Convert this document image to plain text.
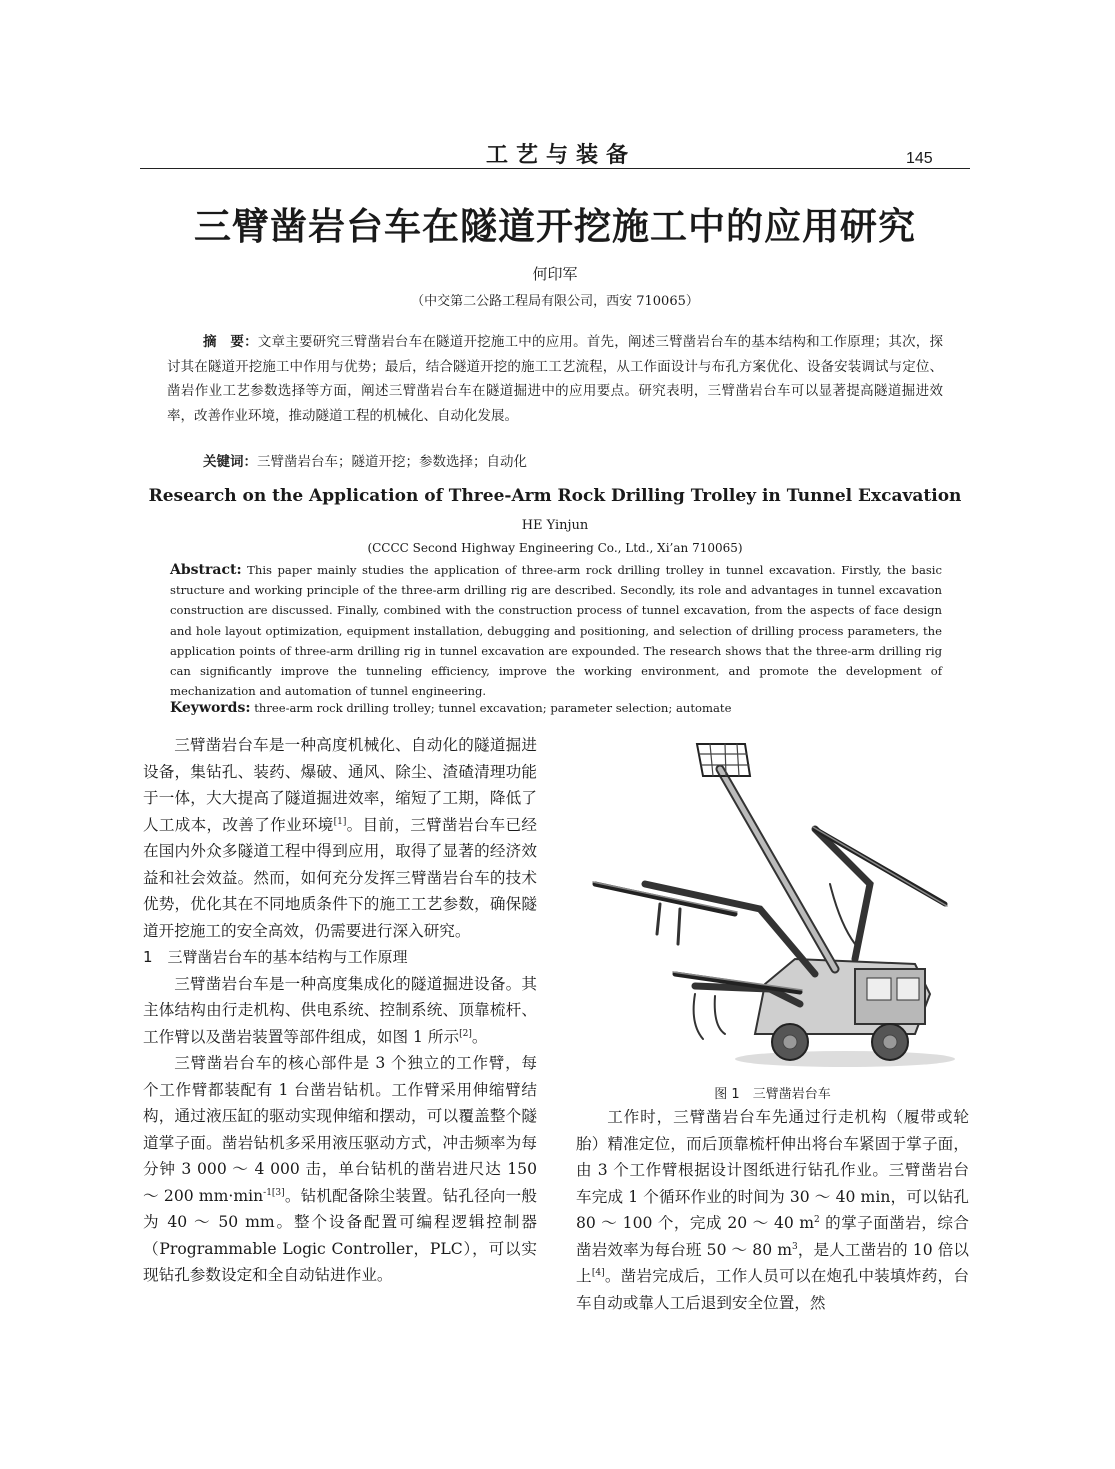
工艺与装备	145
三臂凿岩台车在隧道开挖施工中的应用研究
何印军
（中交第二公路工程局有限公司，西安 710065）
摘　要：文章主要研究三臂凿岩台车在隧道开挖施工中的应用。首先，阐述三臂凿岩台车的基本结构和工作原理；其次，探讨其在隧道开挖施工中作用与优势；最后，结合隧道开挖的施工工艺流程，从工作面设计与布孔方案优化、设备安装调试与定位、凿岩作业工艺参数选择等方面，阐述三臂凿岩台车在隧道掘进中的应用要点。研究表明，三臂凿岩台车可以显著提高隧道掘进效率，改善作业环境，推动隧道工程的机械化、自动化发展。
关键词：三臂凿岩台车；隧道开挖；参数选择；自动化
Research on the Application of Three-Arm Rock Drilling Trolley in Tunnel Excavation
HE Yinjun
(CCCC Second Highway Engineering Co., Ltd., Xi’an 710065)
Abstract: This paper mainly studies the application of three-arm rock drilling trolley in tunnel excavation. Firstly, the basic structure and working principle of the three-arm drilling rig are described. Secondly, its role and advantages in tunnel excavation construction are discussed. Finally, combined with the construction process of tunnel excavation, from the aspects of face design and hole layout optimization, equipment installation, debugging and positioning, and selection of drilling process parameters, the application points of three-arm drilling rig in tunnel excavation are expounded. The research shows that the three-arm drilling rig can significantly improve the tunneling efficiency, improve the working environment, and promote the development of mechanization and automation of tunnel engineering.
Keywords: three-arm rock drilling trolley; tunnel excavation; parameter selection; automate

三臂凿岩台车是一种高度机械化、自动化的隧道掘进设备，集钻孔、装药、爆破、通风、除尘、渣碴清理功能于一体，大大提高了隧道掘进效率，缩短了工期，降低了人工成本，改善了作业环境[1]。目前，三臂凿岩台车已经在国内外众多隧道工程中得到应用，取得了显著的经济效益和社会效益。然而，如何充分发挥三臂凿岩台车的技术优势，优化其在不同地质条件下的施工工艺参数，确保隧道开挖施工的安全高效，仍需要进行深入研究。

1　三臂凿岩台车的基本结构与工作原理

三臂凿岩台车是一种高度集成化的隧道掘进设备。其主体结构由行走机构、供电系统、控制系统、顶靠梳杆、工作臂以及凿岩装置等部件组成，如图 1 所示[2]。

三臂凿岩台车的核心部件是 3 个独立的工作臂，每个工作臂都装配有 1 台凿岩钻机。工作臂采用伸缩臂结构，通过液压缸的驱动实现伸缩和摆动，可以覆盖整个隧道掌子面。凿岩钻机多采用液压驱动方式，冲击频率为每分钟 3 000 ～ 4 000 击，单台钻机的凿岩进尺达 150 ～ 200 $mm\cdot\min^{-1[3]}$。钻机配备除尘装置。钻孔径向一般为 40 ～ 50 mm。整个设备配置可编程逻辑控制器（Programmable Logic Controller，PLC），可以实现钻孔参数设定和全自动钻进作业。

图 1　三臂凿岩台车

工作时，三臂凿岩台车先通过行走机构（履带或轮胎）精准定位，而后顶靠梳杆伸出将台车紧固于掌子面，由 3 个工作臂根据设计图纸进行钻孔作业。三臂凿岩台车完成 1 个循环作业的时间为 30 ～ 40 min，可以钻孔 80 ～ 100 个，完成 20 ～ 40 $m^2$ 的掌子面凿岩，综合凿岩效率为每台班 50 ～ 80 $m^3$，是人工凿岩的 10 倍以上[4]。凿岩完成后，工作人员可以在炮孔中装填炸药，台车自动或靠人工后退到安全位置，然
